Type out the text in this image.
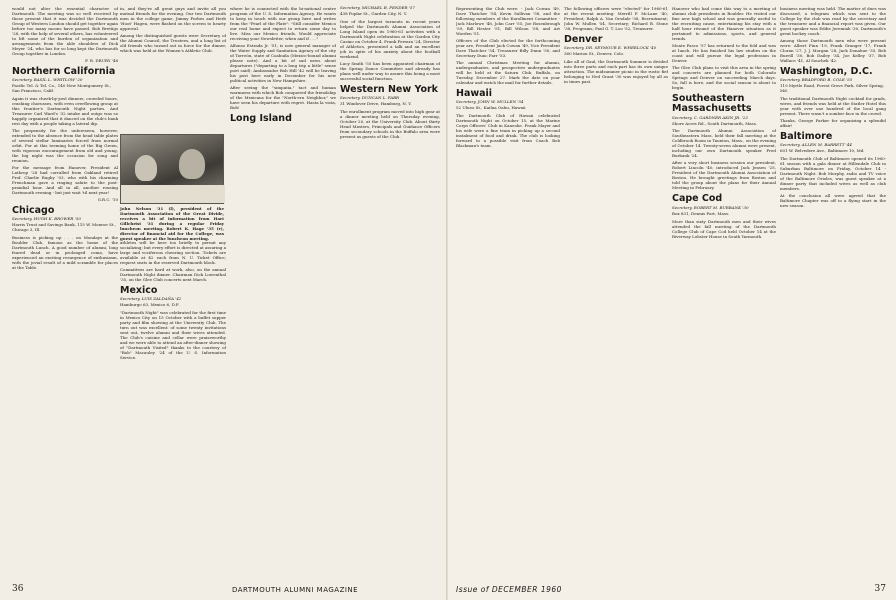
would not alter the essential character of Dartmouth. The meeting was so well received by those present that it was decided the Dartmouth Group of Western London should get together again before too many moons have passed. Bob Breitigs '28, with the help of several others, has volunteered to lift some of the burden of organization and arrangements from the able shoulders of Dick Meyer '24, who has for so long kept the Dartmouth Group together in London.

F. R. DRURY '48

Northern California
Secretary, BASIL L. WHITLOW '20
Pacific Tel. & Tel. Co., 140 New Montgomery St., San Francisco, Calif.

Again it was cheek-by-jowl dinners, crowded hours, crashing chorusses, with even overflowing group at this frontier's Dartmouth Night parties. And Treasurer Carl Ward's '32 intake and outgo was so happily organized that it danced on the club's bank rest day with a people taking a lateral dip.

The propensity for the unforeseen, however, extended to the absence from the head table plates of several stellar luminaries forced from normal orbit. For at this teeming home of the Big Green, with vigorous encouragement from old and young, the big night was the occasion for song and reunion.

For the message from Hanover, President Al Lathrop '28 had corralled from Oakland retired Prof. Charlie Rugby '03, who with his charming Frenchman gave a ringing salute to the post-prandial hour. And all in all, another rousing Dartmouth evening - but just wait 'til next year!

G.R.C. '10

Chicago
Secretary, HUGH K. BROWER '50
Harris Trust and Savings Bank, 115 W. Monroe St., Chicago 3, Ill.

Business is picking up . . . on Mondays at the Boulder Club, famous as the home of the Dartmouth Lunch. A good number of alumni, long feared dead or in prolonged coma, have experienced an exciting resurgence of enthusiasm, with the jovial result of a mild scramble for places at the Table.

in, and they're all great guys and invite all you mutual friends for the evening. Our two Dartmouth men in the college game, Jimmy Forbes and Herb 'Hoot' Hagen, were flashed on the screen to hearty approval.

Among the distinguished guests were Secretary of the Alumni Council, the Trustees, and a long list of old friends who turned out in force for the dinner, which was held at the Women's Athletic Club.

John Nelson '31 (l), president of the Dartmouth Association of the Great Divide, receives a bit of information from Hart Gillchrist '31 during a regular Friday luncheon meeting. Robert K. Hage '35 (r), director of financial aid for the College, was guest speaker at the luncheon meeting.

athletes will be here too briefly to permit any socializing; but every effort is directed at assuring a large and vociferous cheering section. Tickets are available at $2 each from N. U. Ticket Office; request seats in the reserved Dartmouth block.

Committees are hard at work, also, on the annual Dartmouth Night dinner. Chairman Dick Lowenthal '35, on the Glee Club concerts next March.

Mexico
Secretary, LUIS ZALDAÑA '42
Hamburgo 63, Mexico 6, D.F.

"Dartmouth Night" was celebrated for the first time in Mexico City on 15 October with a buffet supper party and film showing at the University Club. The turn out was excellent: of some twenty invitations sent out, twelve alumni and their wives attended. The Club's cuisine and cellar were praiseworthy and we were able to attend an after-dinner showing of "Dartmouth Visited" thanks to the courtesy of "Bob" Macauley '24 of the U. S. Information Service.

where he is connected with the bi-national centre program of the U. S. Information Agency. He wants to keep in touch with our group here and writes from the "Pearl of the Plate": "Still consider Mexico our real home and expect to return some day to live. Miss our Mexico friends. Would appreciate receiving your Newsletter, when and if . . ."

Alfonso Estrada Jr. '51, is now general manager of the Water Supply and Sanitation Agency of the city of Torreón, state of Coahuila (Mexico-bound alumni please note). And a bit of sad news about departures ("departing to a long trip a little" sense poet said): Ambassador Bob Hill '42 will be leaving his post here early in December for his new political activities in New Hampshire.

After seeing the "simpatia," tact and human warmness with which Bob conquered the friendship of the Mexicans for the "North-ern Neighbor," we have seen his departure with regret. Hasta la vista, Bob!

Long Island
Secretary, MICHAEL B. PENDER '57
438 Poplar St., Garden City, N. Y.

One of the largest turnouts in recent years helped the Dartmouth Alumni Association of Long Island open its 1960-61 activities with a Dartmouth Night celebration at the Garden City Casino on October 4. Frank Ferrara '24, Director of Athletics, presented a talk and an excellent job in spite of his anxiety about the football weekend.

Lucy Smith '55 has been appointed chairman of the Spring Dance Committee and already has plans well under way to assure this being a most successful social function.

Western New York
Secretary, DUNCAN L. FABR
31 Windover Drive, Hamburg, N. Y.

The enrollment program moved into high gear at a dinner meeting held on Thursday evening, October 20, at the University Club. About thirty Head Masters, Principals and Guidance Officers from secondary schools in the Buffalo area were present as guests of the Club.

36	DARTMOUTH ALUMNI MAGAZINE

Representing the Club were: - Jack Cowan '49, Dave Thatcher '54, Kevin Sullivan '58, and the following members of the Enrollment Committee - Jack Marlowe '48, John Carr '55, Joe Rosenbrough '59, Bill Hester '51, Bill Wilson '58, and Art Worden '51.

Officers of the Club elected for the forthcoming year are, President Jack Cowan '49, Vice President Dave Thatcher '54, Treasurer Billy Dunn '50, and Secretary Dunc Farr '53.

The annual Christmas Meeting for alumni, undergraduates, and prospective undergraduates will be held at the Saturn Club, Buffalo, on Tuesday, December 27. Mark the date on your calendar and watch the mail for further details.

Hawaii
Secretary, JOHN W. MULLEN '54
52 Ulueo St., Kailua Oahu, Hawaii

The Dartmouth Club of Hawaii celebrated Dartmouth Night on October 15, at the Marine Corps Officers' Club in Kaneohe. Frank Mayer and his wife were a fine team in picking up a second instalment of food and drink. The club is looking forward to a possible visit from Coach Bob Blackman's team.

The following officers were "elected" for 1960-61 at the recent meeting: Merrill F. McLane '40, President; Ralph A. Van Orsdale '58, Recruitment; John W. Mullen '54, Secretary; Richard B. Stone '38, Programs; Paul G. T. Loo '52, Treasurer.

Denver
Secretary, DR. SEYMOUR E. WHEELOCK '40
360 Marion St., Denver, Colo.

Like all of Gaul, the Dartmouth Summer is divided into three parts and each part has its own unique attraction. The midsummer picnic in the rustic fief belonging to Ned Grant '30 was enjoyed by all as in times past.

Hanover who had come this way to a meeting of alumni club presidents in Boulder. He visited our fine new high school and was generally useful to the recruiting cause, entertaining his stay with a half hour résumé of the Hanover situation as it pertained to admissions, sports, and general trends.

Monte Pasco '57 has returned to the fold and was at lunch. He has finished his law studies on the coast and will pursue the legal profession in Denver.

The Glee Club plans to visit this area in the spring and concerts are planned for both Colorado Springs and Denver on succeeding March days. So, fall is here, and the social season is about to begin.

Southeastern Massachusetts
Secretary, C. GARDNER AKIN JR. '23
Shore Acres Rd., South Dartmouth, Mass.

The Dartmouth Alumni Association of Southeastern Mass. held their fall meeting at the Coldbrook Room in Taunton, Mass., on the evening of October 14. Twenty-seven alumni were present, including our own Dartmouth speaker Fred Burbank '24.

After a very short business session our president, Robert Lincoln '40, introduced Jack Jensen '25, President of the Dartmouth Alumni Association of Boston. He brought greetings from Boston and told the group about the plans for their Annual Meeting in February.

Cape Cod
Secretary, ROBERT M. BURBANK '30
Box 831, Dennis Port, Mass.

More than sixty Dartmouth men and their wives attended the fall meeting of the Dartmouth College Club of Cape Cod held October 14 at the Riverway Lobster House in South Yarmouth.

business meeting was held. The matter of dues was discussed, a telegram which was sent to the College by the club was read by the secretary and the treasurer and a financial report was given. Our guest speaker was Eddie Jeremiah '30, Dartmouth's great hockey coach.

Among those Dartmouth men who were present were: Albert Finn '19, Frank Granger '17, Frank Cloran '27, J. J. Morgan '28, Jack Donahue '35, Bob Burrill '30, Bob Dailey '34, Joe Kelley '37, Bob Wallace '41, Al Souchek '42.

Washington, D.C.
Secretary, BRADFORD B. COLE '55
119 Myrtle Road, Forest Grove Park, Silver Spring, Md.

The traditional Dartmouth Night cocktail for grads, wives, and friends was held at the Statler Hotel this year with over one hundred of the local gang present. There wasn't a somber face in the crowd.

Thanks, George Parker for organizing a splendid affair!

Baltimore
Secretary, ALLEN M. BARRETT '44
601 W. Belvedere Ave., Baltimore 10, Md.

The Dartmouth Club of Baltimore opened its 1960-61 season with a gala dinner at Hillendale Club in Suburban Baltimore on Friday, October 14 - Dartmouth Night. Bob Murphy, radio and TV voice of the Baltimore Orioles, was guest speaker at a dinner party that included wives as well as club members.

At the conclusion all were agreed that the Baltimore Chapter was off to a flying start in the new season.

Issue of DECEMBER 1960	37
